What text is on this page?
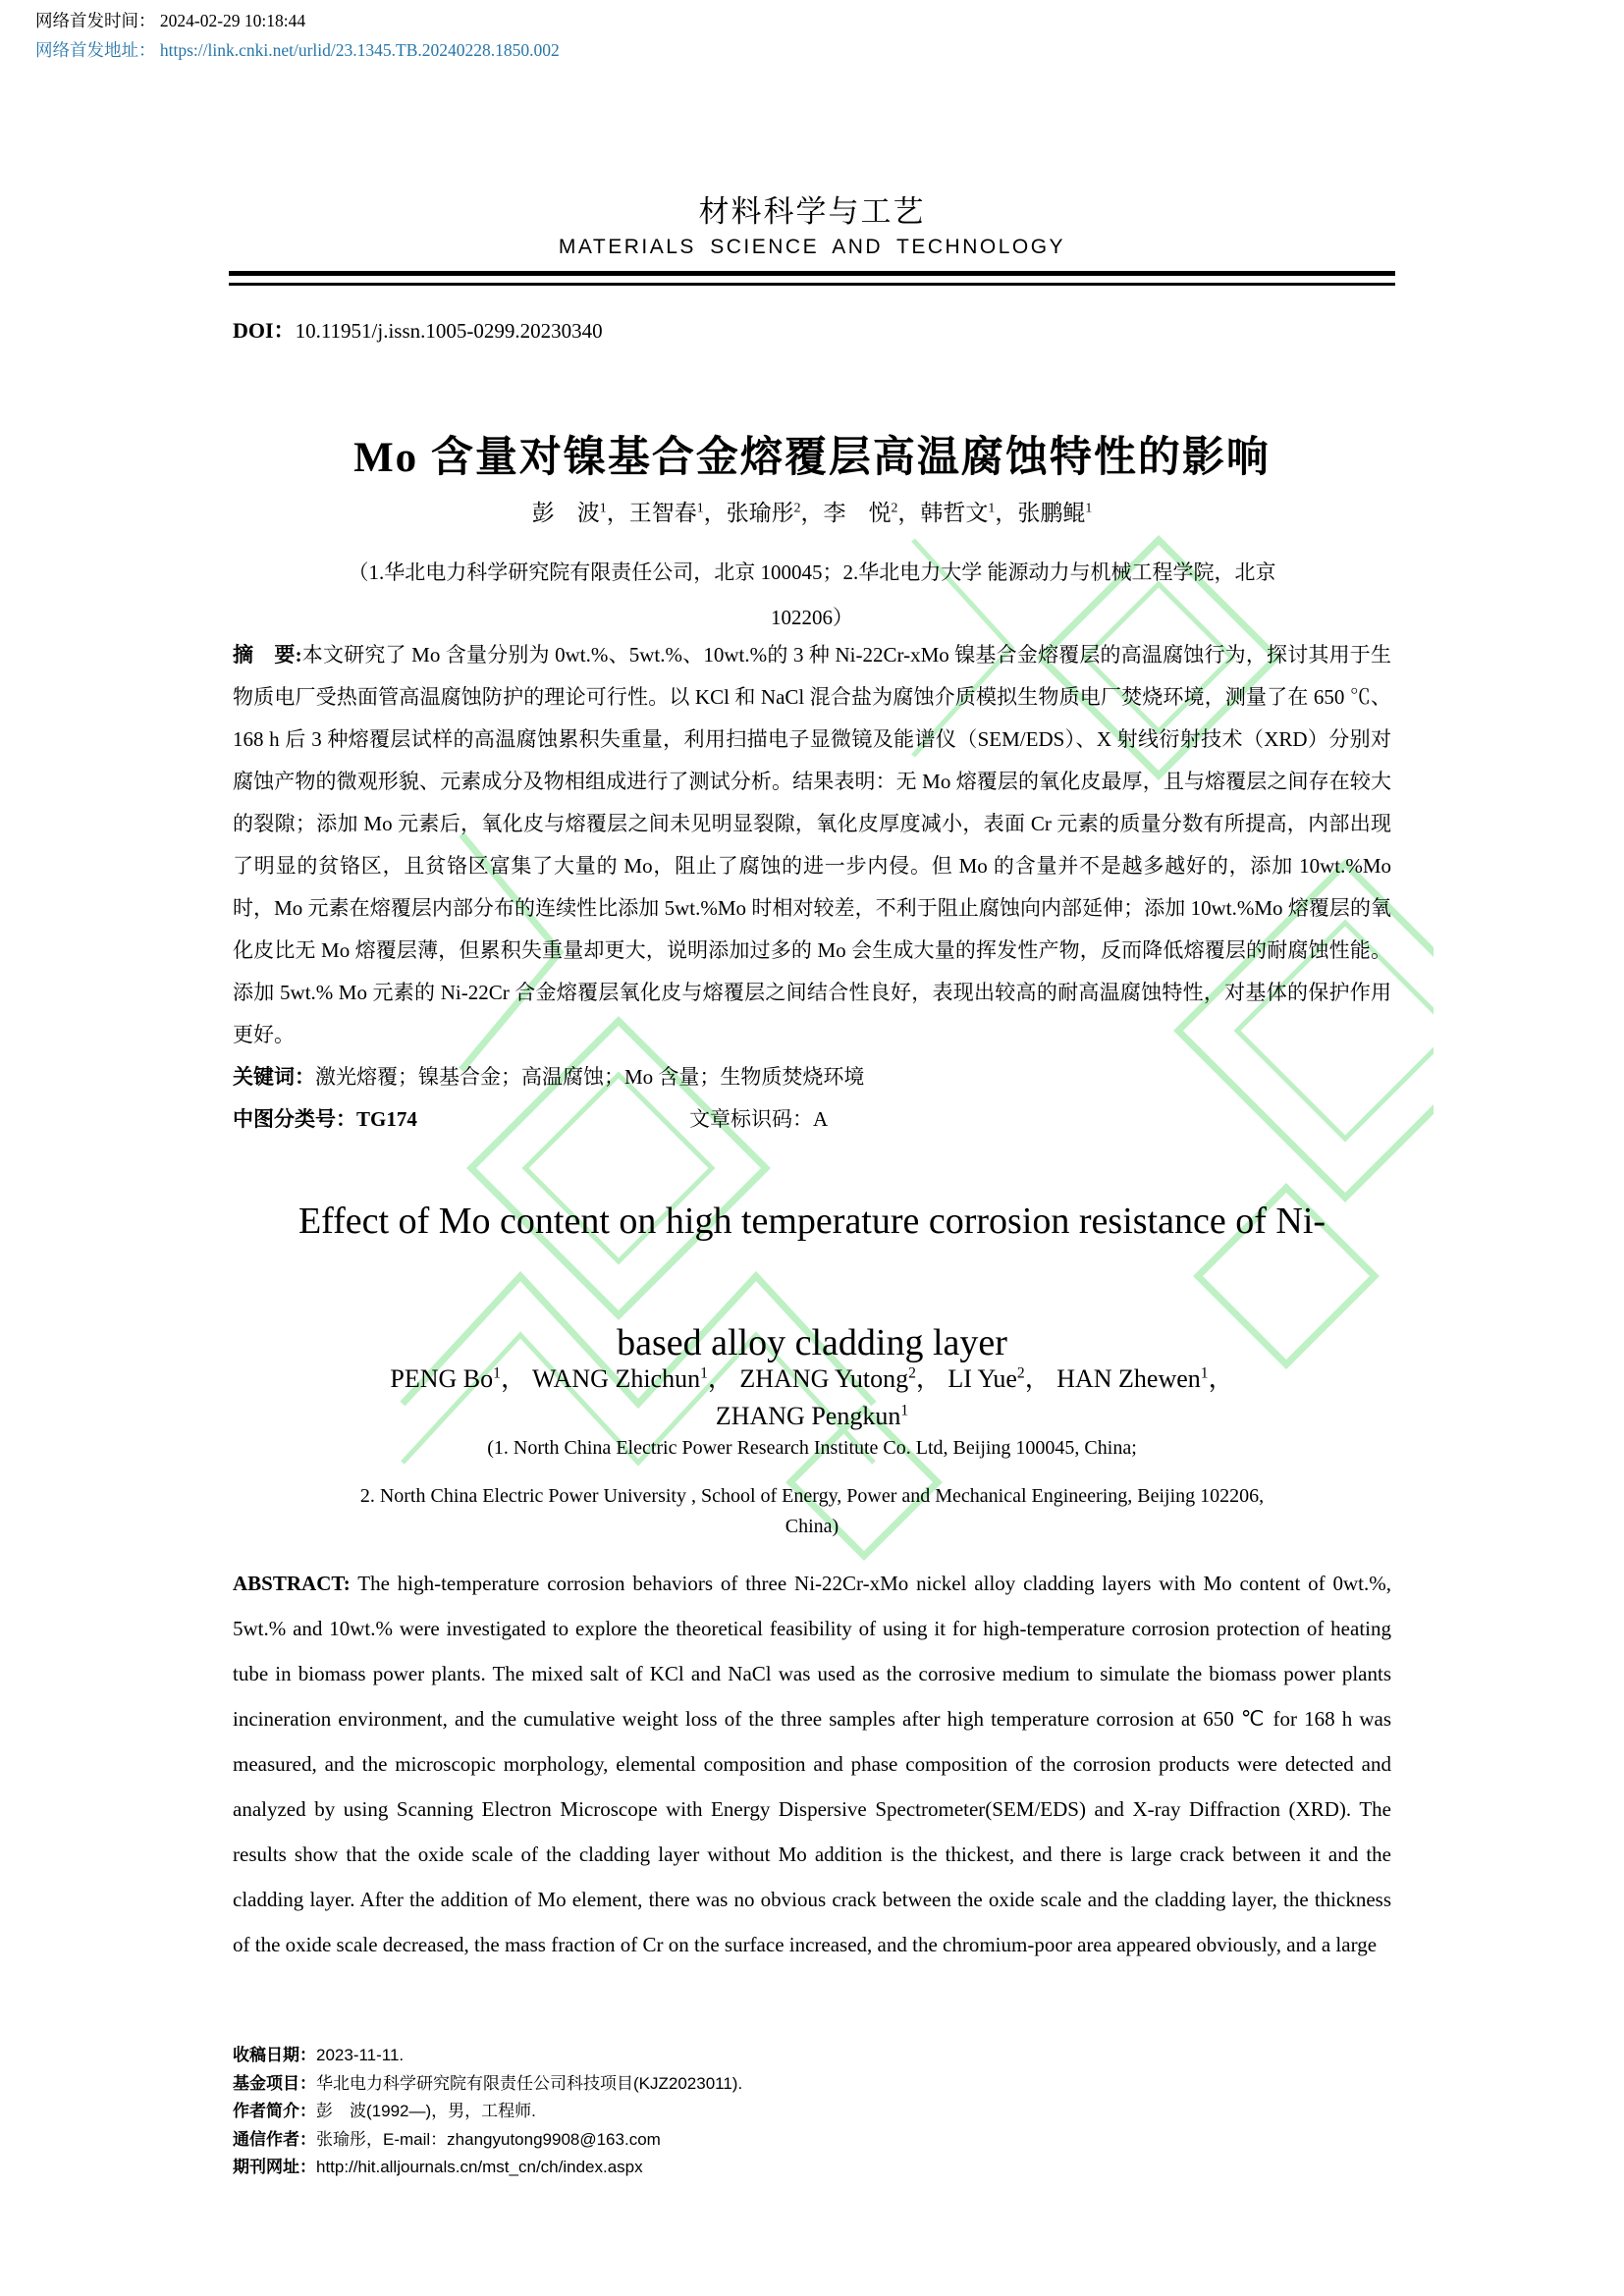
网络首发时间： 2024-02-29 10:18:44
网络首发地址： https://link.cnki.net/urlid/23.1345.TB.20240228.1850.002
材料科学与工艺
MATERIALS SCIENCE AND TECHNOLOGY
DOI：10.11951/j.issn.1005-0299.20230340
Mo 含量对镍基合金熔覆层高温腐蚀特性的影响
彭　波$^1$，王智春$^1$，张瑜彤$^2$，李　悦$^2$，韩哲文$^1$，张鹏鲲$^1$
（1.华北电力科学研究院有限责任公司，北京 100045；2.华北电力大学 能源动力与机械工程学院，北京
102206）

摘　要:本文研究了 Mo 含量分别为 0wt.%、5wt.%、10wt.%的 3 种 Ni-22Cr-xMo 镍基合金熔覆层的高温腐蚀行为，探讨其用于生物质电厂受热面管高温腐蚀防护的理论可行性。以 KCl 和 NaCl 混合盐为腐蚀介质模拟生物质电厂焚烧环境，测量了在 650 ℃、168 h 后 3 种熔覆层试样的高温腐蚀累积失重量，利用扫描电子显微镜及能谱仪（SEM/EDS）、X 射线衍射技术（XRD）分别对腐蚀产物的微观形貌、元素成分及物相组成进行了测试分析。结果表明：无 Mo 熔覆层的氧化皮最厚，且与熔覆层之间存在较大的裂隙；添加 Mo 元素后，氧化皮与熔覆层之间未见明显裂隙，氧化皮厚度减小，表面 Cr 元素的质量分数有所提高，内部出现了明显的贫铬区，且贫铬区富集了大量的 Mo，阻止了腐蚀的进一步内侵。但 Mo 的含量并不是越多越好的，添加 10wt.%Mo 时，Mo 元素在熔覆层内部分布的连续性比添加 5wt.%Mo 时相对较差，不利于阻止腐蚀向内部延伸；添加 10wt.%Mo 熔覆层的氧化皮比无 Mo 熔覆层薄，但累积失重量却更大，说明添加过多的 Mo 会生成大量的挥发性产物，反而降低熔覆层的耐腐蚀性能。添加 5wt.% Mo 元素的 Ni-22Cr 合金熔覆层氧化皮与熔覆层之间结合性良好，表现出较高的耐高温腐蚀特性，对基体的保护作用更好。

关键词：激光熔覆；镍基合金；高温腐蚀；Mo 含量；生物质焚烧环境

中图分类号：TG174	文章标识码：A

Effect of Mo content on high temperature corrosion resistance of Ni-
based alloy cladding layer
PENG Bo$^1$， WANG Zhichun$^1$， ZHANG Yutong$^2$， LI Yue$^2$， HAN Zhewen$^1$，
ZHANG Pengkun$^1$
(1. North China Electric Power Research Institute Co. Ltd, Beijing 100045, China;
2. North China Electric Power University , School of Energy, Power and Mechanical Engineering, Beijing 102206,
China)

ABSTRACT: The high-temperature corrosion behaviors of three Ni-22Cr-xMo nickel alloy cladding layers with Mo content of 0wt.%, 5wt.% and 10wt.% were investigated to explore the theoretical feasibility of using it for high-temperature corrosion protection of heating tube in biomass power plants. The mixed salt of KCl and NaCl was used as the corrosive medium to simulate the biomass power plants incineration environment, and the cumulative weight loss of the three samples after high temperature corrosion at 650 ℃ for 168 h was measured, and the microscopic morphology, elemental composition and phase composition of the corrosion products were detected and analyzed by using Scanning Electron Microscope with Energy Dispersive Spectrometer(SEM/EDS) and X-ray Diffraction (XRD). The results show that the oxide scale of the cladding layer without Mo addition is the thickest, and there is large crack between it and the cladding layer. After the addition of Mo element, there was no obvious crack between the oxide scale and the cladding layer, the thickness of the oxide scale decreased, the mass fraction of Cr on the surface increased, and the chromium-poor area appeared obviously, and a large

收稿日期：2023-11-11.
基金项目：华北电力科学研究院有限责任公司科技项目(KJZ2023011).
作者简介：彭　波(1992—)，男，工程师.
通信作者：张瑜彤，E-mail：zhangyutong9908@163.com
期刊网址：http://hit.alljournals.cn/mst_cn/ch/index.aspx
